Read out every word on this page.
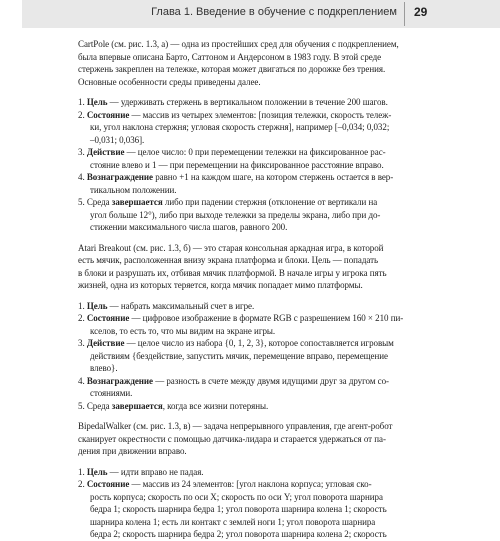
Глава 1. Введение в обучение с подкреплением 29
CartPole (см. рис. 1.3, а) — одна из простейших сред для обучения с подкреплением,
была впервые описана Барто, Саттоном и Андерсоном в 1983 году. В этой среде
стержень закреплен на тележке, которая может двигаться по дорожке без трения.
Основные особенности среды приведены далее.
1. Цель — удерживать стержень в вертикальном положении в течение 200 шагов.
2. Состояние — массив из четырех элементов: [позиция тележки, скорость тележ-
ки, угол наклона стержня; угловая скорость стержня], например [–0,034; 0,032;
–0,031; 0,036].
3. Действие — целое число: 0 при перемещении тележки на фиксированное рас-
стояние влево и 1 — при перемещении на фиксированное расстояние вправо.
4. Вознаграждение равно +1 на каждом шаге, на котором стержень остается в вер-
тикальном положении.
5. Среда завершается либо при падении стержня (отклонение от вертикали на
угол больше 12°), либо при выходе тележки за пределы экрана, либо при до-
стижении максимального числа шагов, равного 200.
Atari Breakout (см. рис. 1.3, б) — это старая консольная аркадная игра, в которой
есть мячик, расположенная внизу экрана платформа и блоки. Цель — попадать
в блоки и разрушать их, отбивая мячик платформой. В начале игры у игрока пять
жизней, одна из которых теряется, когда мячик попадает мимо платформы.
1. Цель — набрать максимальный счет в игре.
2. Состояние — цифровое изображение в формате RGB с разрешением 160 × 210 пи-
кселов, то есть то, что мы видим на экране игры.
3. Действие — целое число из набора {0, 1, 2, 3}, которое сопоставляется игровым
действиям {бездействие, запустить мячик, перемещение вправо, перемещение
влево}.
4. Вознаграждение — разность в счете между двумя идущими друг за другом со-
стояниями.
5. Среда завершается, когда все жизни потеряны.
BipedalWalker (см. рис. 1.3, в) — задача непрерывного управления, где агент-робот
сканирует окрестности с помощью датчика-лидара и старается удержаться от па-
дения при движении вправо.
1. Цель — идти вправо не падая.
2. Состояние — массив из 24 элементов: [угол наклона корпуса; угловая ско-
рость корпуса; скорость по оси X; скорость по оси Y; угол поворота шарнира
бедра 1; скорость шарнира бедра 1; угол поворота шарнира колена 1; скорость
шарнира колена 1; есть ли контакт с землей ноги 1; угол поворота шарнира
бедра 2; скорость шарнира бедра 2; угол поворота шарнира колена 2; скорость
